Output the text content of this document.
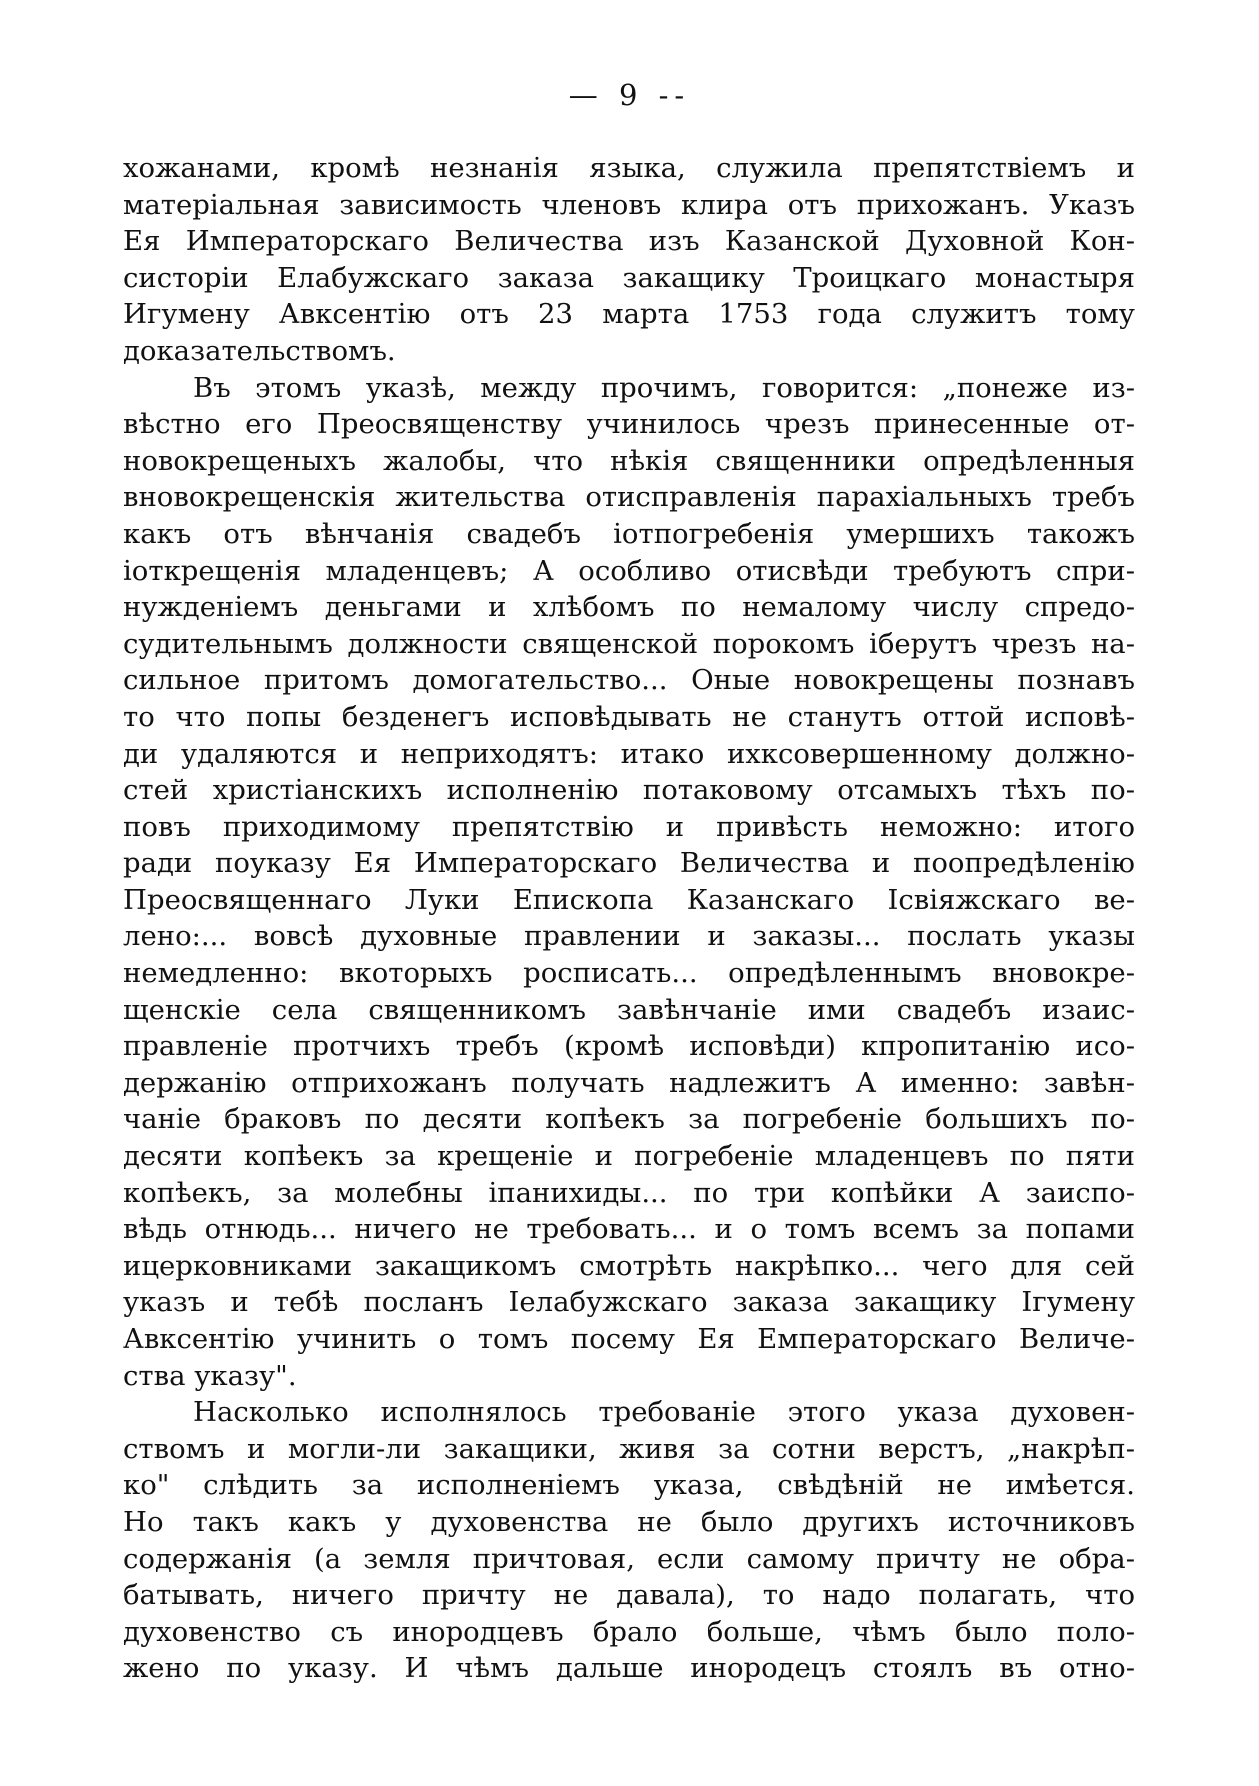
— 9 --
хожанами, кромѣ незнанія языка, служила препятствіемъ и
матеріальная зависимость членовъ клира отъ прихожанъ. Указъ
Ея Императорскаго Величества изъ Казанской Духовной Кон-
систоріи Елабужскаго заказа закащику Троицкаго монастыря
Игумену Авксентію отъ 23 марта 1753 года служитъ тому
доказательствомъ.
Въ этомъ указѣ, между прочимъ, говорится: „понеже из-
вѣстно его Преосвященству учинилось чрезъ принесенные от-
новокрещеныхъ жалобы, что нѣкія священники опредѣленныя
вновокрещенскія жительства отисправленія парахіальныхъ требъ
какъ отъ вѣнчанія свадебъ іотпогребенія умершихъ такожъ
іоткрещенія младенцевъ; А особливо отисвѣди требуютъ спри-
нужденіемъ деньгами и хлѣбомъ по немалому числу спредо-
судительнымъ должности священской порокомъ іберутъ чрезъ на-
сильное притомъ домогательство... Оные новокрещены познавъ
то что попы безденегъ исповѣдывать не станутъ оттой исповѣ-
ди удаляются и неприходятъ: итако ихксовершенному должно-
стей христіанскихъ исполненію потаковому отсамыхъ тѣхъ по-
повъ приходимому препятствію и привѣсть неможно: итого
ради поуказу Ея Императорскаго Величества и поопредѣленію
Преосвященнаго Луки Епископа Казанскаго Ісвіяжскаго ве-
лено:... вовсѣ духовные правлении и заказы... послать указы
немедленно: вкоторыхъ росписать... опредѣленнымъ вновокре-
щенскіе села священникомъ завѣнчаніе ими свадебъ изаис-
правленіе протчихъ требъ (кромѣ исповѣди) кпропитанію исо-
держанію отприхожанъ получать надлежитъ А именно: завѣн-
чаніе браковъ по десяти копѣекъ за погребеніе большихъ по-
десяти копѣекъ за крещеніе и погребеніе младенцевъ по пяти
копѣекъ, за молебны іпанихиды... по три копѣйки А заиспо-
вѣдь отнюдь... ничего не требовать... и о томъ всемъ за попами
ицерковниками закащикомъ смотрѣть накрѣпко... чего для сей
указъ и тебѣ посланъ Іелабужскаго заказа закащику Ігумену
Авксентію учинить о томъ посему Ея Емператорскаго Величе-
ства указу".
Насколько исполнялось требованіе этого указа духовен-
ствомъ и могли-ли закащики, живя за сотни верстъ, „накрѣп-
ко" слѣдить за исполненіемъ указа, свѣдѣній не имѣется.
Но такъ какъ у духовенства не было другихъ источниковъ
содержанія (а земля причтовая, если самому причту не обра-
батывать, ничего причту не давала), то надо полагать, что
духовенство съ инородцевъ брало больше, чѣмъ было поло-
жено по указу. И чѣмъ дальше инородецъ стоялъ въ отно-
